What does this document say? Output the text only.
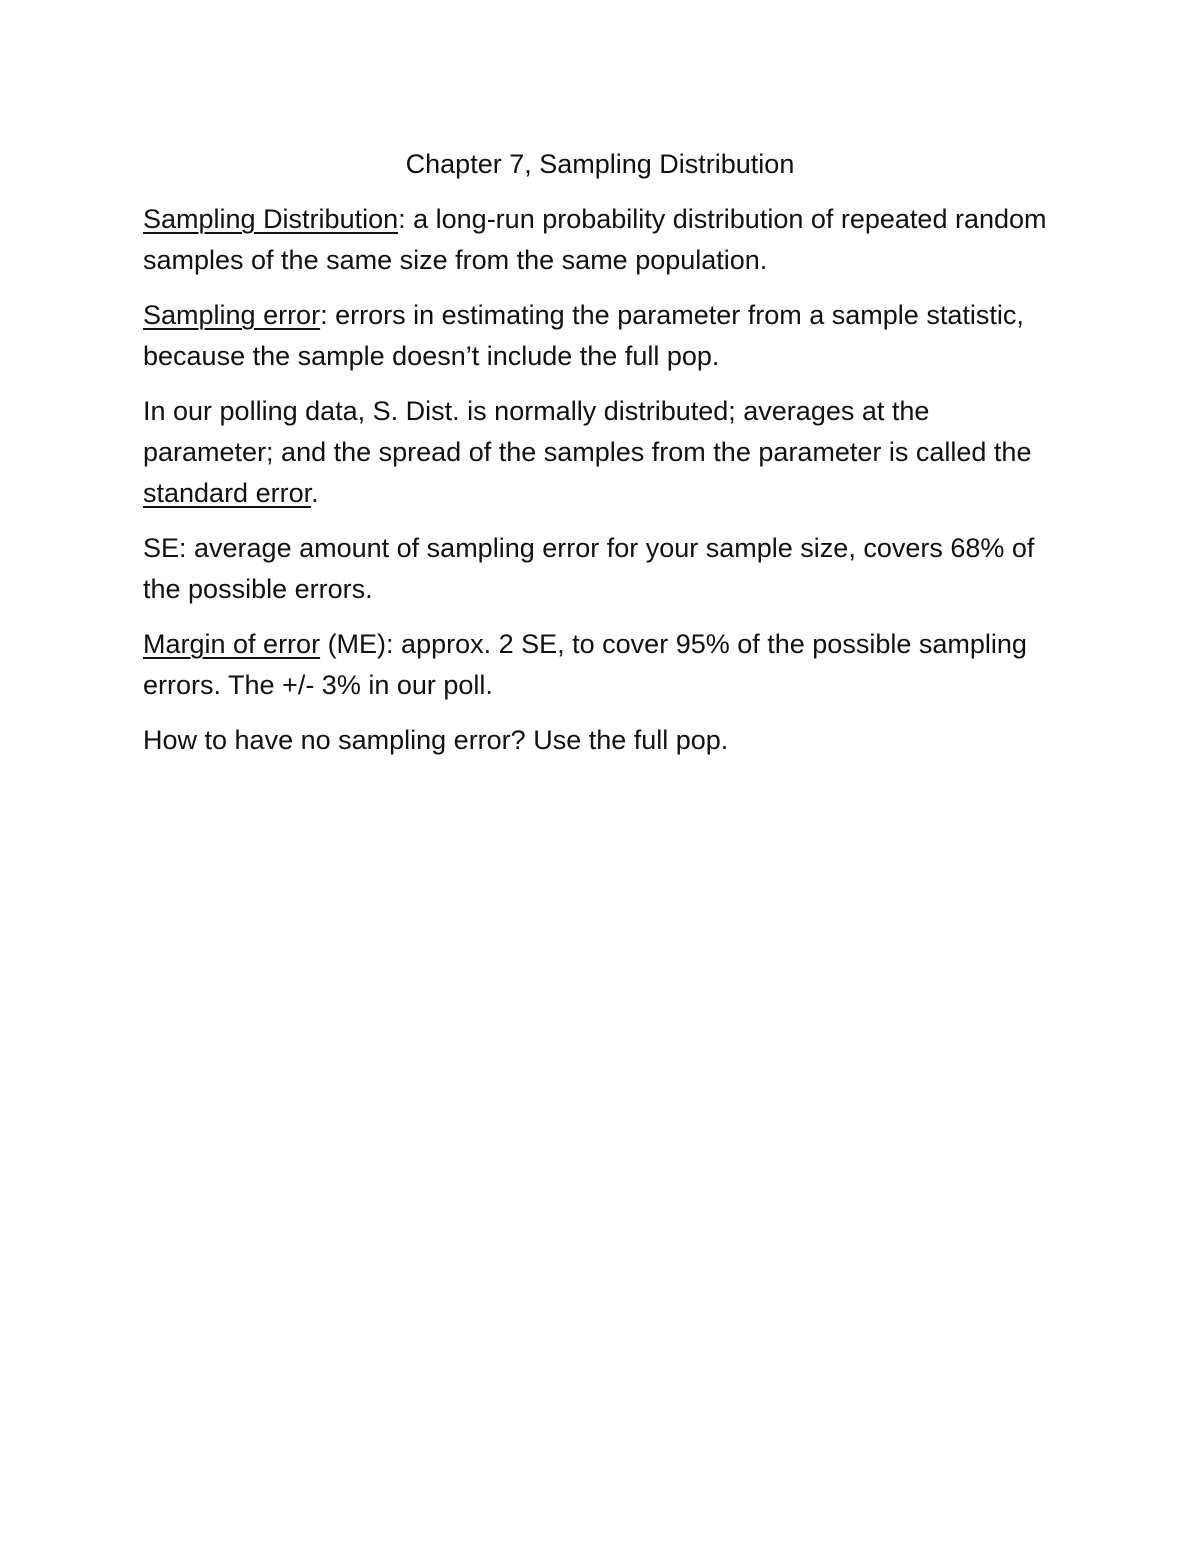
Chapter 7, Sampling Distribution

Sampling Distribution: a long-run probability distribution of repeated random samples of the same size from the same population.

Sampling error: errors in estimating the parameter from a sample statistic, because the sample doesn’t include the full pop.

In our polling data, S. Dist. is normally distributed; averages at the parameter; and the spread of the samples from the parameter is called the standard error.

SE: average amount of sampling error for your sample size, covers 68% of the possible errors.

Margin of error (ME): approx. 2 SE, to cover 95% of the possible sampling errors. The +/- 3% in our poll.

How to have no sampling error? Use the full pop.
